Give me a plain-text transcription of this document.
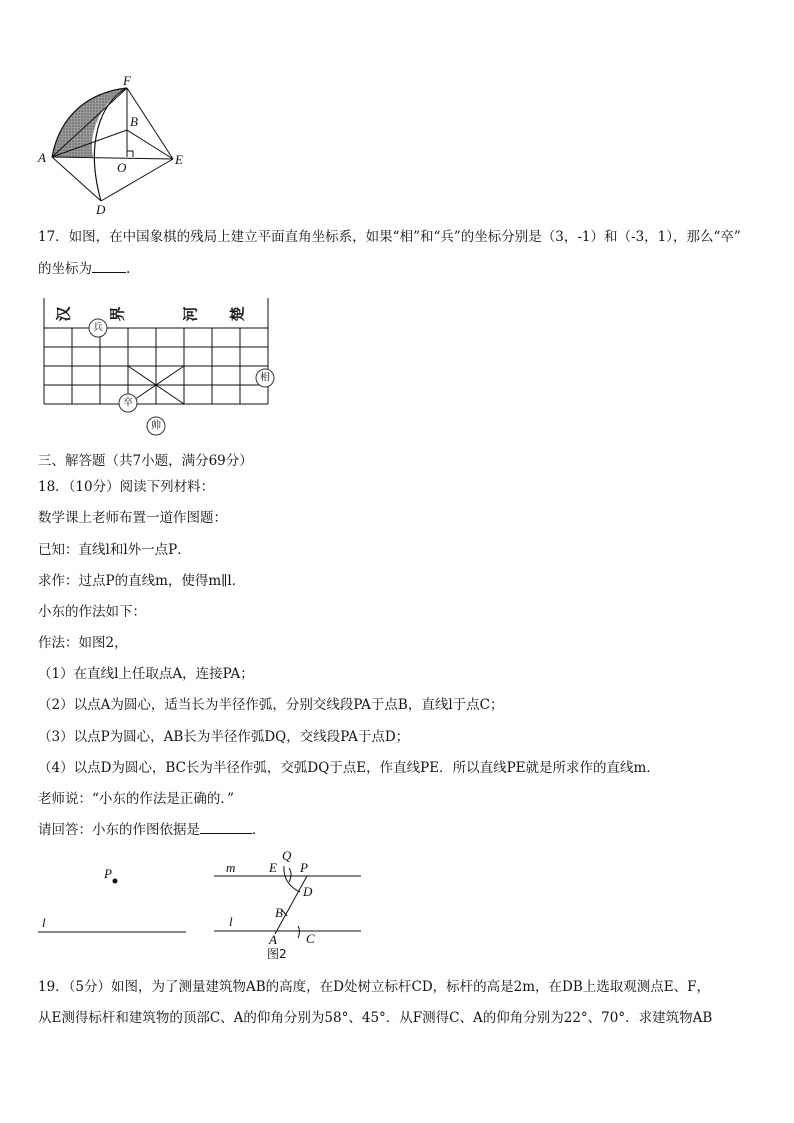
F
B
A
O
E
D
17．如图，在中国象棋的残局上建立平面直角坐标系，如果“相”和“兵”的坐标分别是（3，-1）和（-3，1），那么“卒”
的坐标为	.
汉 界	河 楚
兵
相
卒
帅
三、解答题（共7小题，满分69分）
18．（10分）阅读下列材料：
数学课上老师布置一道作图题：
已知：直线l和l外一点P．
求作：过点P的直线m，使得m∥l．
小东的作法如下：
作法：如图2，
（1）在直线l上任取点A，连接PA；
（2）以点A为圆心，适当长为半径作弧，分别交线段PA于点B，直线l于点C；
（3）以点P为圆心，AB长为半径作弧DQ，交线段PA于点D；
（4）以点D为圆心，BC长为半径作弧，交弧DQ于点E，作直线PE．所以直线PE就是所求作的直线m．
老师说：“小东的作法是正确的．”
请回答：小东的作图依据是	．
P
l
m	E
Q
P
D
B
l
A C
图2
19．（5分）如图，为了测量建筑物AB的高度，在D处树立标杆CD，标杆的高是2m，在DB上选取观测点E、F，
从E测得标杆和建筑物的顶部C、A的仰角分别为58°、45°．从F测得C、A的仰角分别为22°、70°．求建筑物AB
